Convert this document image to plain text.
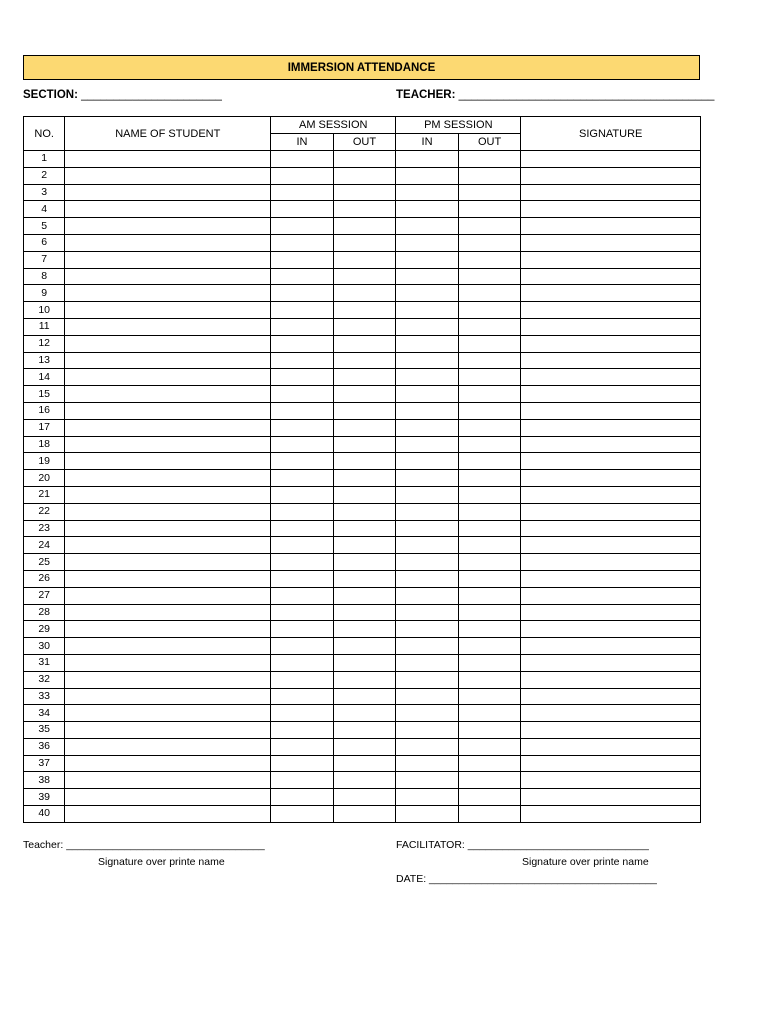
IMMERSION ATTENDANCE
SECTION: ______________________	TEACHER: ________________________________________
NO.	NAME OF STUDENT	AM SESSION		PM SESSION		SIGNATURE
		IN	OUT	IN	OUT	
1						
2						
3						
4						
5						
6						
7						
8						
9						
10						
11						
12						
13						
14						
15						
16						
17						
18						
19						
20						
21						
22						
23						
24						
25						
26						
27						
28						
29						
30						
31						
32						
33						
34						
35						
36						
37						
38						
39						
40						
Teacher: __________________________________
Signature over printe name
FACILITATOR: _______________________________
Signature over printe name
DATE: _______________________________________
